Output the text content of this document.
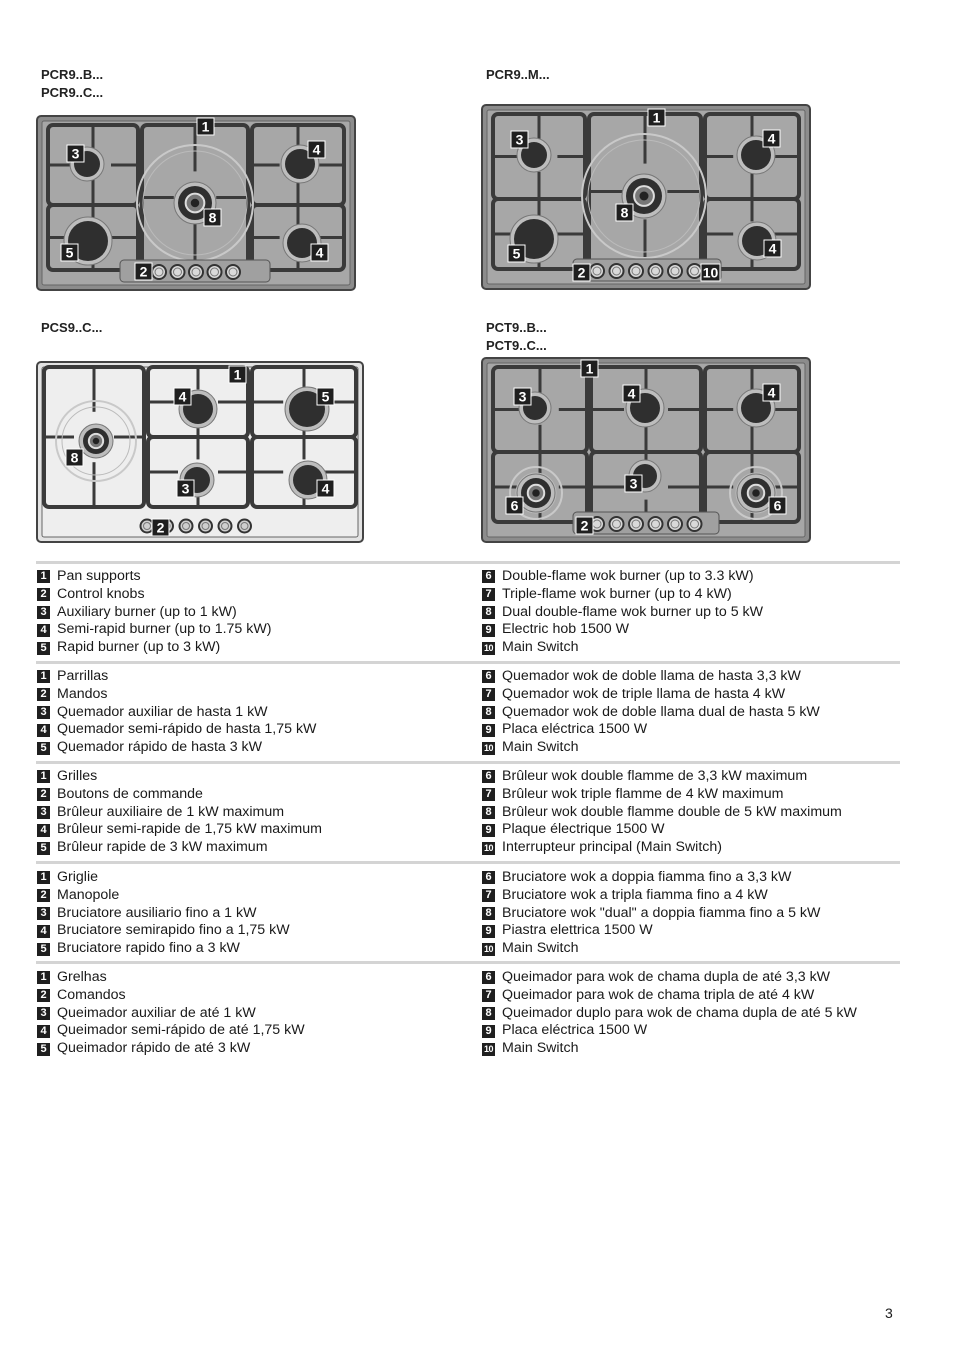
PCR9..B...
PCR9..C...
PCR9..M...
PCS9..C...	PCT9..B...
PCT9..C...
1
3	4
8
5	4
2
1
3	4
8
5	4
2	10
1
4	5
8
3	4
2
1
3	4	4
3
6	6
2
1 Pan supports
2 Control knobs
3 Auxiliary burner (up to 1 kW)
4 Semi-rapid burner (up to 1.75 kW)
5 Rapid burner (up to 3 kW)
6 Double-flame wok burner (up to 3.3 kW)
7 Triple-flame wok burner (up to 4 kW)
8 Dual double-flame wok burner up to 5 kW
9 Electric hob 1500 W
10 Main Switch
1 Parrillas
2 Mandos
3 Quemador auxiliar de hasta 1 kW
4 Quemador semi-rápido de hasta 1,75 kW
5 Quemador rápido de hasta 3 kW
6 Quemador wok de doble llama de hasta 3,3 kW
7 Quemador wok de triple llama de hasta 4 kW
8 Quemador wok de doble llama dual de hasta 5 kW
9 Placa eléctrica 1500 W
10 Main Switch
1 Grilles
2 Boutons de commande
3 Brûleur auxiliaire de 1 kW maximum
4 Brûleur semi-rapide de 1,75 kW maximum
5 Brûleur rapide de 3 kW maximum
6 Brûleur wok double flamme de 3,3 kW maximum
7 Brûleur wok triple flamme de 4 kW maximum
8 Brûleur wok double flamme double de 5 kW maximum
9 Plaque électrique 1500 W
10 Interrupteur principal (Main Switch)
1 Griglie
2 Manopole
3 Bruciatore ausiliario fino a 1 kW
4 Bruciatore semirapido fino a 1,75 kW
5 Bruciatore rapido fino a 3 kW
6 Bruciatore wok a doppia fiamma fino a 3,3 kW
7 Bruciatore wok a tripla fiamma fino a 4 kW
8 Bruciatore wok "dual" a doppia fiamma fino a 5 kW
9 Piastra elettrica 1500 W
10 Main Switch
1 Grelhas
2 Comandos
3 Queimador auxiliar de até 1 kW
4 Queimador semi-rápido de até 1,75 kW
5 Queimador rápido de até 3 kW
6 Queimador para wok de chama dupla de até 3,3 kW
7 Queimador para wok de chama tripla de até 4 kW
8 Queimador duplo para wok de chama dupla de até 5 kW
9 Placa eléctrica 1500 W
10 Main Switch
3
